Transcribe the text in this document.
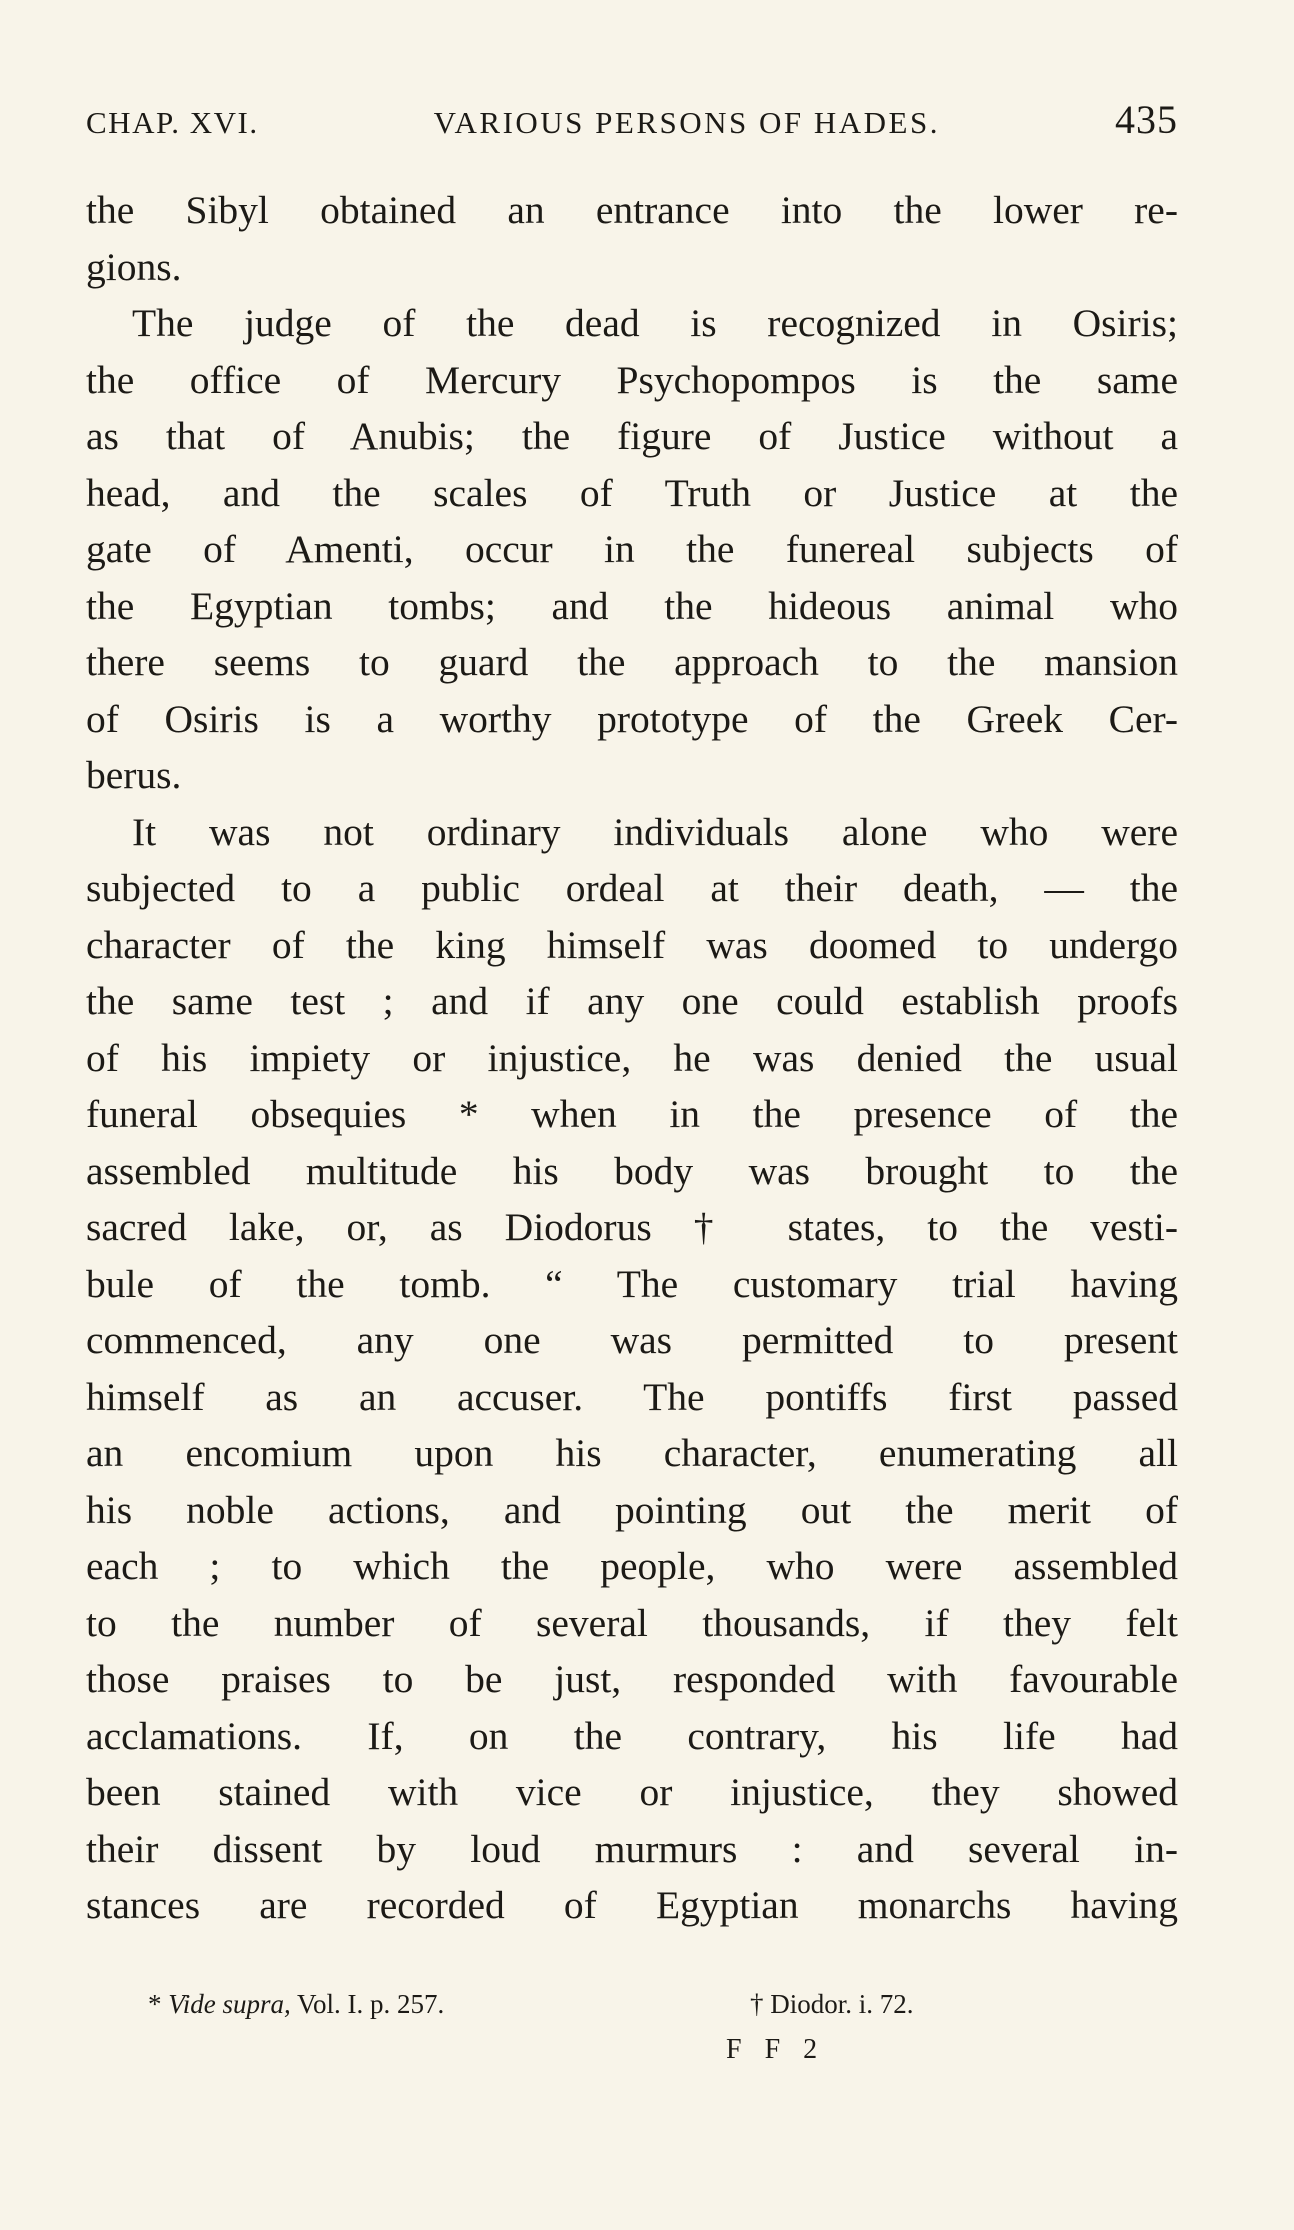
CHAP. XVI.	VARIOUS PERSONS OF HADES.	435
the Sibyl obtained an entrance into the lower re-
gions.
The judge of the dead is recognized in Osiris;
the office of Mercury Psychopompos is the same
as that of Anubis; the figure of Justice without a
head, and the scales of Truth or Justice at the
gate of Amenti, occur in the funereal subjects of
the Egyptian tombs; and the hideous animal who
there seems to guard the approach to the mansion
of Osiris is a worthy prototype of the Greek Cer-
berus.
It was not ordinary individuals alone who were
subjected to a public ordeal at their death, — the
character of the king himself was doomed to undergo
the same test ; and if any one could establish proofs
of his impiety or injustice, he was denied the usual
funeral obsequies * when in the presence of the
assembled multitude his body was brought to the
sacred lake, or, as Diodorus † states, to the vesti-
bule of the tomb. “ The customary trial having
commenced, any one was permitted to present
himself as an accuser. The pontiffs first passed
an encomium upon his character, enumerating all
his noble actions, and pointing out the merit of
each ; to which the people, who were assembled
to the number of several thousands, if they felt
those praises to be just, responded with favourable
acclamations. If, on the contrary, his life had
been stained with vice or injustice, they showed
their dissent by loud murmurs : and several in-
stances are recorded of Egyptian monarchs having
* Vide supra, Vol. I. p. 257.	† Diodor. i. 72.
F F 2
